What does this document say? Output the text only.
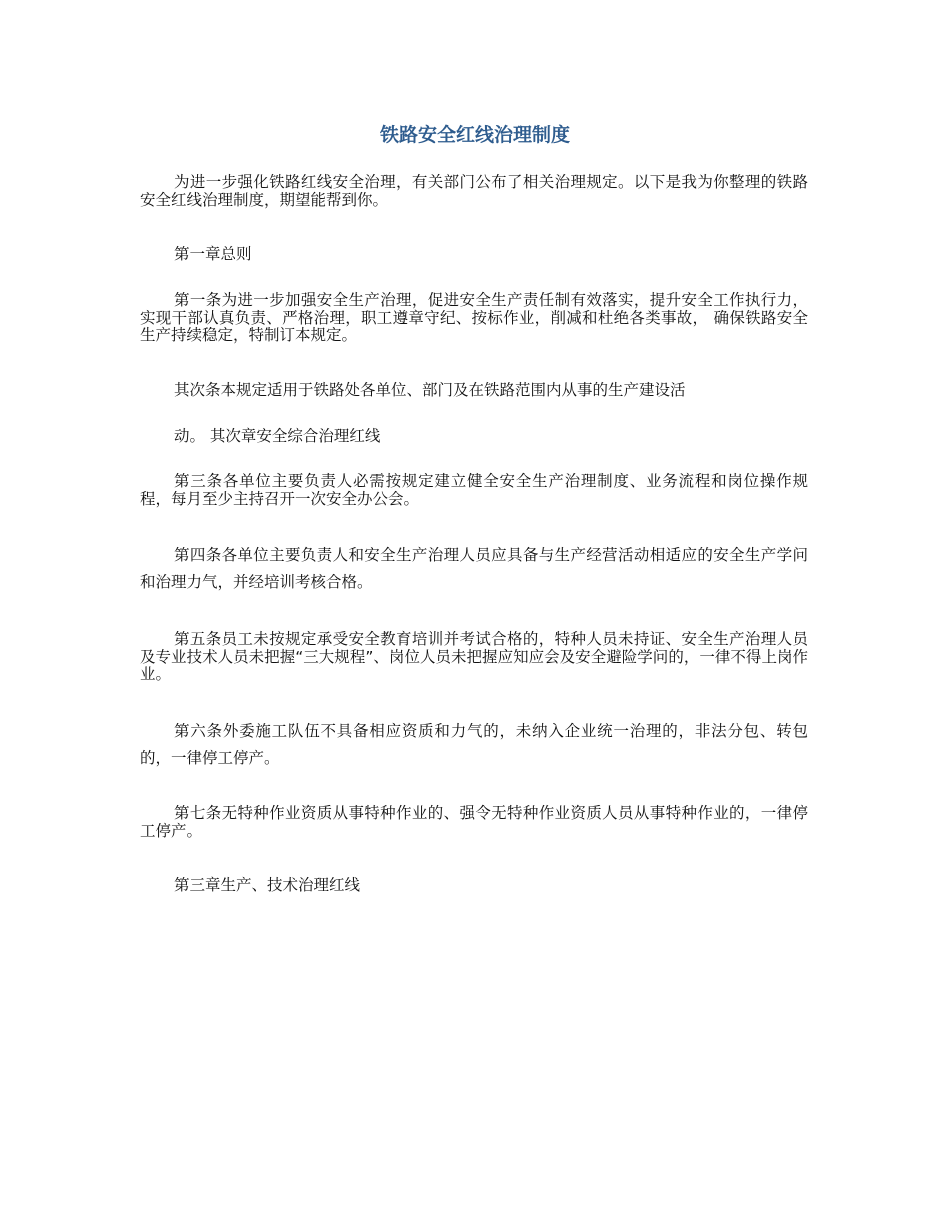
铁路安全红线治理制度

为进一步强化铁路红线安全治理，有关部门公布了相关治理规定。以下是我为你整理的铁路安全红线治理制度，期望能帮到你。

第一章总则

第一条为进一步加强安全生产治理，促进安全生产责任制有效落实，提升安全工作执行力，实现干部认真负责、严格治理，职工遵章守纪、按标作业，削减和杜绝各类事故， 确保铁路安全生产持续稳定，特制订本规定。

其次条本规定适用于铁路处各单位、部门及在铁路范围内从事的生产建设活

动。 其次章安全综合治理红线

第三条各单位主要负责人必需按规定建立健全安全生产治理制度、业务流程和岗位操作规程，每月至少主持召开一次安全办公会。

第四条各单位主要负责人和安全生产治理人员应具备与生产经营活动相适应的安全生产学问和治理力气，并经培训考核合格。

第五条员工未按规定承受安全教育培训并考试合格的，特种人员未持证、安全生产治理人员及专业技术人员未把握“三大规程”、岗位人员未把握应知应会及安全避险学问的，一律不得上岗作业。

第六条外委施工队伍不具备相应资质和力气的，未纳入企业统一治理的，非法分包、转包的，一律停工停产。

第七条无特种作业资质从事特种作业的、强令无特种作业资质人员从事特种作业的，一律停工停产。

第三章生产、技术治理红线
